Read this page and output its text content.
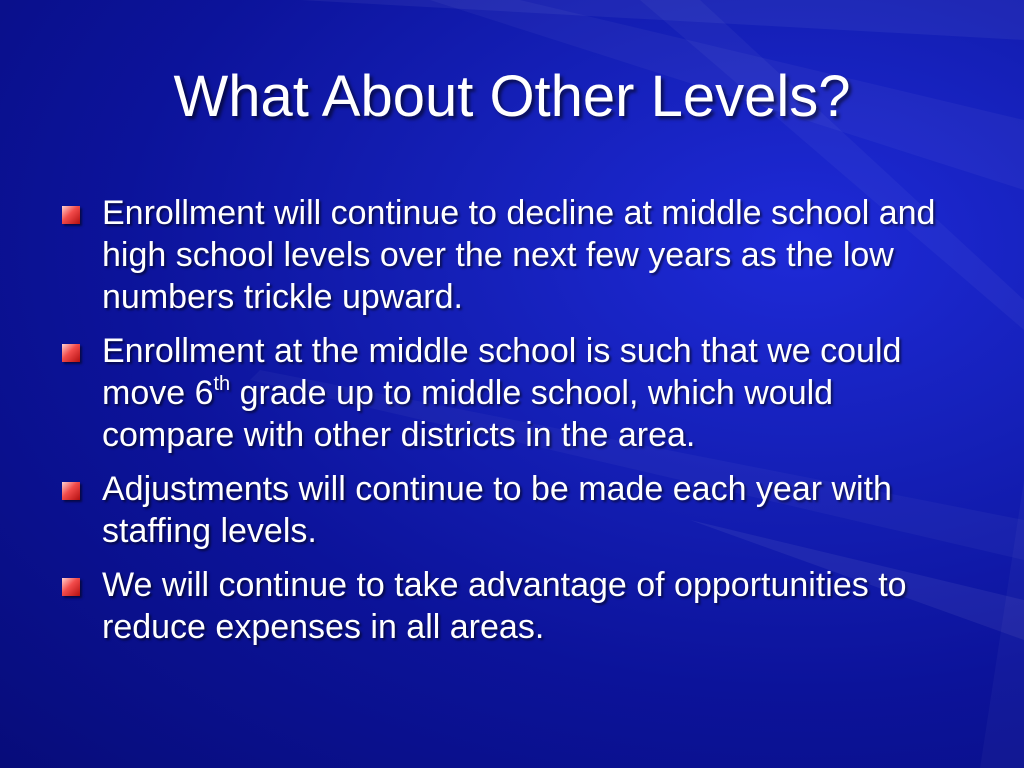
What About Other Levels?
Enrollment will continue to decline at middle school and high school levels over the next few years as the low numbers trickle upward.
Enrollment at the middle school is such that we could move 6th grade up to middle school, which would compare with other districts in the area.
Adjustments will continue to be made each year with staffing levels.
We will continue to take advantage of opportunities to reduce expenses in all areas.
